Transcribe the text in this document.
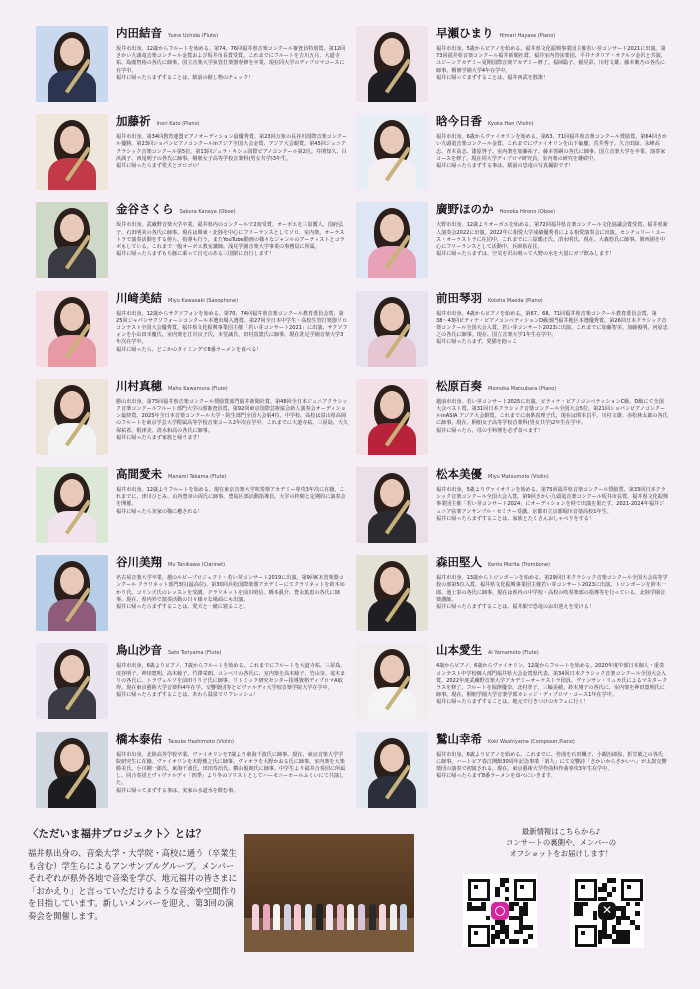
内田結音 Yuine Uchida (Flute)
坂井市出身。12歳からフルートを始める。第74、76回福井県音楽コンクール審査員特別賞、第12回さかい九頭竜音楽コンクール金賞および坂井市長賞受賞。これまでにフルートを吉川五月、大道寺祐、島薗智裕の各氏に師事。国立音楽大学弦管打楽器専修を卒業、現在同大学のディプロマコースに在学中。
福井に帰ったらまずすることは、駅前の催し物のチェック！
早瀬ひまり Himari Hayase (Piano)
福井市出身。5歳からピアノを始める。福井県文化振興事業団主催若い芽コンサート2021に出演。第73回福井県音楽コンクール福井新聞社賞、福井室内管弦楽団、平井ナタリア・オクルツ金沢と共演。ユジーンアカデミー夏期国際音楽アカデミー修了。福岡聡子、稲見彩、川村文雄、藤本紫乃の各氏に師事。桐朋学園大学4年在学中。
福井に帰ってまずすることは、福井西武を散策！
加藤祈 Inori Kato (Piano)
福井市出身。第34回教育連盟ピアノオーディション最優秀賞、第23回万象の長谷川国際音楽コンクール優勝。第23回ショパンピアノコンクールinアジア全国大会金賞、アジア大会銀賞。第45回ジュニアクラシック音楽コンクール第5位。第13回ジュラ・キシュ国際ピアノコンクール第2位。井関知久、白浜満子、西尾明子の各氏に師事。桐朋女子高等学校音楽科(男女共学)3年生。
福井に帰ったらまず愛犬とゴロゴロ！
晗今日香 Kyoka Han (Violin)
福井市出身。6歳からヴァイオリンを始める。第63、71回福井県音楽コンクール奨励賞、第64回さかい九頭竜音楽コンクール金賞。これまでにヴァイオリンを山下倫慶、荒井秀子、久合田緑、永峰高志、青木高志、漆原啓子、室内楽を加藤祐子、藤本善嗣の各氏に師事。国立音楽大学を卒業、演奏家コースを修了。現在同大学ディプロマ研究員。室内楽の研究を継続中。
福井に帰ったらまずする事は、駅前の恐竜の写真撮影です！
金谷さくら Sakura Kanaya (Oboe)
坂井市出身。武蔵野音楽大学卒業。福井県内のコンクールで2度受賞。オーボエを三原暖人、国府弘子、石田明美の各氏に師事。現在は関東・北陸を中心にフリーランスとしてソロ、室内楽、オーケストラで演奏活動をする傍ら、指導も行う。またYouTube動画の様々なジャンルのアーティストとコラボもしている。これまで一般オーボエ教室講師。浅見学園音楽大学事業の事務局に所属。
福井に帰ったらまずもち豚に乗って自宅のある三国駅に直行します！
廣野ほのか Honoka Hirono (Oboe)
大野市出身。12歳よりオーボエを始める。第72回福井県音楽コンクール文化協議会賞受賞。福井県新人演奏会2022に出演。2022年に相愛大学成績優秀者による相愛演奏会に出演。センチュリー・ユース・オーケストラに在団中。これまでに三原暖正氏、清水明氏、現在、大森悠氏に師事。関西圏を中心にフリーランスとして活動中。兵庫県在住。
福井に帰ったらまずは、空気を沢山吸って大野の水を大量にガブ飲みします！
川﨑美結 Miyu Kawasaki (Saxophone)
福井市出身。12歳からサクソフォンを始める。第70、74回福井県音楽コンクール教育委員会賞、第25回ジャパンサクソフォーンコンクール本選出場入選賞、第27回全日本中学生・高校生管打楽器ソロコンテスト全国大会優秀賞。福井県文化振興事業団主催「若い芽コンサート2021」に出演。サクソフォンを小山田幸慶氏、室内楽を江川良子氏、本堂誠氏、田村真寛氏に師事。現在洗足学園音楽大学3年次在学中。
福井に帰ったら、どこかのタイミングで8番ラーメンを食べる！
前田琴羽 Kotoha Maeda (Piano)
福井市出身。4歳からピアノを始める。第67、68、71回福井県音楽コンクール教育委員会賞、第38〜43回ピティナ・ピアノコンペティションD級部門福井地区本選優秀賞。第26回日本クラシック音楽コンクール全国大会入賞。若い芽コンサート2023に出演。これまでに加藤智美、加藤俊明、河原忠之の各氏に師事。現在、国立音楽大学1年生在学中。
福井に帰ったらまず、愛猫を抱っこ
川村真穂 Maho Kawamura (Flute)
勝山市出身。第75回福井県音楽コンクール奨励賞部門福井新聞社賞、第48回全日本ジュニアクラシック音楽コンクールフルート部門大学の部審査員賞、第92回東京国際芸術協会新人演奏会オーディション最終賞。2025年全日本音楽コンクール大学・院生部門全国大会第4位。中学校、高校は富山県高岡のフルートを東京学芸大学附属高等学校音楽コース2年次在学中。これまでに大道寺祐、三屋島、大久保祐希、根津美、清水和高の各氏に師事。
福井に帰ったらまず家族と帰ります！
松原百奏 Momoka Matsubara (Piano)
越前市出身。若い芽コンサート2025に出演。ピティナ・ピアノコンペティションC級、D級にて全国大会ベスト賞、第31回日本クラシック音楽コンクール全国大会5位。第21回ショパンピアノコンクールinASIA アジア大会銀賞。これまでに南条真理子氏、現在は関本昌平、川村文雄、赤松林太郎の各氏に師事。現在、桐朋女子高等学校音楽科(男女共学)2年生在学中。
福井に帰ったら、母の手料理を必ず食べます！
高間愛未 Manami Takama (Flute)
福井市出身。12歳よりフルートを始める。現在東京音楽大学吹奏楽アカデミー専攻3年次に在籍。これまでに、津川ひとみ、山内豊章の両氏に師事。豊島区部活動指導員。大学の枠間と定期的に演奏会を開催。
福井に帰ったら実家の猫に癒される！
松本美優 Miyu Matsumoto (Violin)
福井市出身。5歳よりヴァイオリンを始める。第75回福井県音楽コンクール奨励賞、第33回日本クラシック音楽コンクール全国大会入賞、第9回さかい九頭竜音楽コンクール坂井市長賞、福井県文化振興事業団主催「若い芽コンサート2024」にオーディションを経て出演を果たす。2021-2024年福井ジュニア弦楽アンサンブル・セミナー受講。京都市立京都堀川音楽高校1年生。
福井に帰ったらまずすることは、家族とたくさんおしゃべりをする！
谷川美翔 Mu Tanikawa (Clarinet)
名古屋音楽大学卒業。越のルビープロジェクト・若い芽コンサート2019に出演。第9回K木管楽器コンクール クラリネット部門3位(最高位)。第30回兵松国際楽器アカデミーにてクラリネットを鈴木ゆかり氏、コリンズ氏のレッスンを受講。クラリネットを前川明信、橋本眞介、豊永篤恵の各氏に師事。現在、県内外で演奏活動の日々様々な場面にも出演。
福井に帰ったらまずすることは、愛犬と一緒に寝ること。
森田堅人 Kento Morita (Trombone)
福井市出身。13歳からトロンボーンを始める。第29回日本クラシック音楽コンクール全国大会高等学校の部第5位入賞。福井県文化振興事業団主催若い芽コンサート2023に出演。トロンボーンを鈴木一郎、池上泰の各氏に師事。現在は県内の中学校・高校の吹奏楽部の指導等を行っている。北陸学園音楽講師。
福井に帰ったらまずすることは、福井駅で恐竜のお出迎えを受ける！
鳥山沙音 Sato Toriyama (Flute)
福井市出身。6歳よりピアノ、7歳からフルートを始める。これまでにフルートを大道寺祐、三屋島、虎谷明子、神田寛明、高木綾子、竹澤栄朗、ユンペリの各氏に、室内楽を高木綾子、竹山奈、竜木まりの各氏に、トラヴェルソを前田りり子氏に師事。リトミック研究センター指導資格ディプロマA取得。現在東京藝術大学音楽科4年在学。交響楽団等とビヴァルディ大学校音楽学院大学在学中。
福井に帰ったらまずすることは、あわら温泉でリフレッシュ！
山本愛生 Ai Yamamoto (Flute)
4歳からピアノ、6歳からヴァイオリン、12歳からフルートを始める。2020年度中部日本個人・重奏コンテスト中学校個人部門福井県大会金賞県代表。第34回日本クラシック音楽コンクール全国大会入賞。2022年度武蔵野音楽大学アカデミーオーケストラ団員。ヴァンサン・リュカ氏によるマスタークラスを修了。フルートを堀澤優奈、北村孝子、三輪美緒、鈴木翔子の各氏に、室内楽を神田寛明氏に師事。現在、桐朋学園大学音楽学部カレッジ・ディプロマ・コース1年在学中。
福井に帰ったらまずすることは、地元で行きつけのカフェに行く！
橋本泰佑 Taisuke Hashimoto (Violin)
福井市出身。北陸高等学校卒業。ヴァイオリンを7歳より東海千波氏に師事。現在、東京音楽大学学院研究生に在籍。ヴァイオリンを木野雅之氏に師事。ヴィオラを大野かおる氏に師事。室内楽を大楽勝美氏、小川剛一郎氏、東海千波氏、田田寿治氏、横山俊朗氏に師事。中学生より福井合奏団に所属し、同合奏団とヴィヴァルディ「四季」より冬のソリストとしてハーモニーホールふくいにて共演した。
福井に帰ってまずする事は、実家の水道水を飲む事。
鷲山幸希 Koki Washiyama (Composer,Piano)
福井市出身。6歳よりピアノを始める。これまでに、作曲を石田楓子、小観治郎弥、折笠敏之の各氏に師事。ハートピア春江開館30周年記念事業「第九」にて交響詩「さかいからさかいへ」が太鼓交響楽団の演奏で初演される。現在、東京藝術大学作曲科作曲専攻3年生在学中。
福井に帰ったらまず8番ラーメンを食べにいきます。
〈ただいま福井プロジェクト〉とは？
福井県出身の、音楽大学・大学院・高校に通う（卒業生も含む）学生らによるアンサンブルグループ。メンバーそれぞれが県外各地で音楽を学び、地元福井の皆さまに「おかえり」と言っていただけるような音楽や空間作りを目指しています。新しいメンバーを迎え、第3回の演奏会を開催します。
最新情報はこちらから♪
コンサートの裏側や、メンバーの
オフショットをお届けします！
✕
